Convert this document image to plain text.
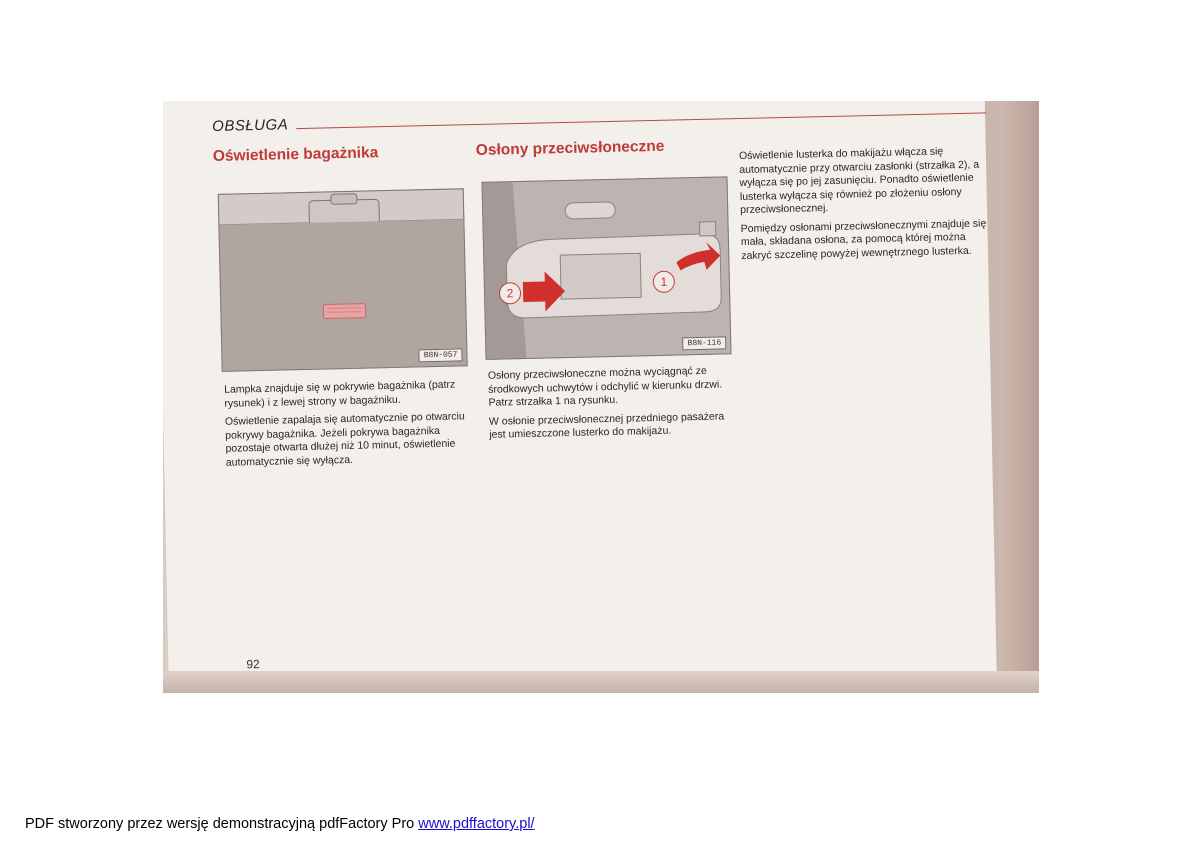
OBSŁUGA
Oświetlenie bagażnika
B8N-057

Lampka znajduje się w pokrywie bagażnika (patrz rysunek) i z lewej strony w bagażniku.

Oświetlenie zapalaja się automatycznie po otwarciu pokrywy bagażnika. Jeżeli pokrywa bagażnika pozostaje otwarta dłużej niż 10 minut, oświetlenie automatycznie się wyłącza.

92
Osłony przeciwsłoneczne
2
1
B8N-116

Osłony przeciwsłoneczne można wyciągnąć ze środkowych uchwytów i odchylić w kierunku drzwi. Patrz strzałka 1 na rysunku.

W osłonie przeciwsłonecznej przedniego pasażera jest umieszczone lusterko do makijażu.

Oświetlenie lusterka do makijażu włącza się automatycznie przy otwarciu zasłonki (strzałka 2), a wyłącza się po jej zasunięciu. Ponadto oświetlenie lusterka wyłącza się również po złożeniu osłony przeciwsłonecznej.

Pomiędzy osłonami przeciwsłonecznymi znajduje się mała, składana osłona, za pomocą której można zakryć szczelinę powyżej wewnętrznego lusterka.

PDF stworzony przez wersję demonstracyjną pdfFactory Pro www.pdffactory.pl/
